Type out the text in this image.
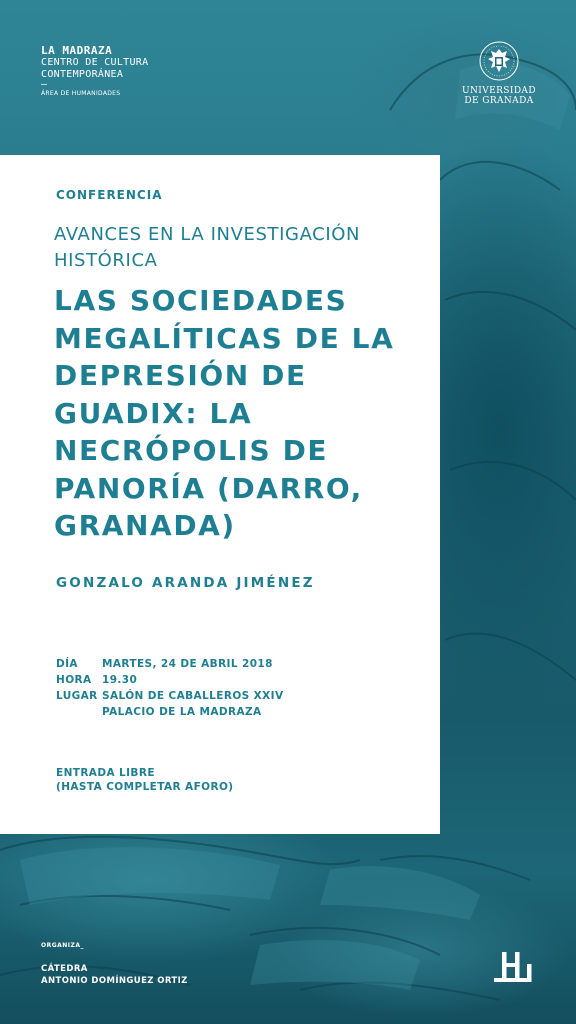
LA MADRAZA
CENTRO DE CULTURA
CONTEMPORÁNEA
—
ÁREA DE HUMANIDADES	UNIVERSIDAD
DE GRANADA
CONFERENCIA
AVANCES EN LA INVESTIGACIÓN HISTÓRICA
LAS SOCIEDADES MEGALÍTICAS DE LA DEPRESIÓN DE GUADIX: LA NECRÓPOLIS DE PANORÍA (DARRO, GRANADA)
GONZALO ARANDA JIMÉNEZ
DÍA MARTES, 24 DE ABRIL 2018
HORA 19.30
LUGAR SALÓN DE CABALLEROS XXIV
PALACIO DE LA MADRAZA
ENTRADA LIBRE
(HASTA COMPLETAR AFORO)
ORGANIZA_
CÁTEDRA
ANTONIO DOMÍNGUEZ ORTIZ
